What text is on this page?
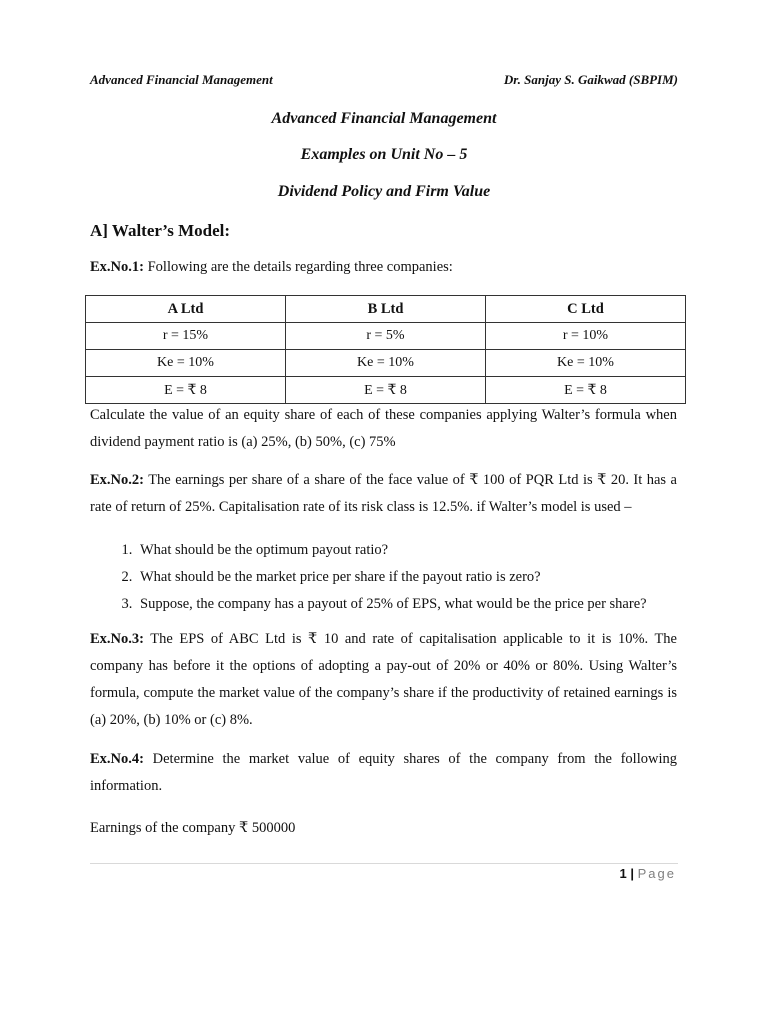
Advanced Financial Management	Dr. Sanjay S. Gaikwad (SBPIM)
Advanced Financial Management
Examples on Unit No – 5
Dividend Policy and Firm Value
A] Walter’s Model:
Ex.No.1: Following are the details regarding three companies:
A Ltd	B Ltd	C Ltd
r = 15%	r = 5%	r = 10%
Ke = 10%	Ke = 10%	Ke = 10%
E = ₹ 8	E = ₹ 8	E = ₹ 8
Calculate the value of an equity share of each of these companies applying Walter’s formula when dividend payment ratio is (a) 25%, (b) 50%, (c) 75%
Ex.No.2: The earnings per share of a share of the face value of ₹ 100 of PQR Ltd is ₹ 20. It has a rate of return of 25%. Capitalisation rate of its risk class is 12.5%. if Walter’s model is used –
1. What should be the optimum payout ratio?
2. What should be the market price per share if the payout ratio is zero?
3. Suppose, the company has a payout of 25% of EPS, what would be the price per share?
Ex.No.3: The EPS of ABC Ltd is ₹ 10 and rate of capitalisation applicable to it is 10%. The company has before it the options of adopting a pay-out of 20% or 40% or 80%. Using Walter’s formula, compute the market value of the company’s share if the productivity of retained earnings is (a) 20%, (b) 10% or (c) 8%.
Ex.No.4: Determine the market value of equity shares of the company from the following information.
Earnings of the company ₹ 500000
1 | Page
